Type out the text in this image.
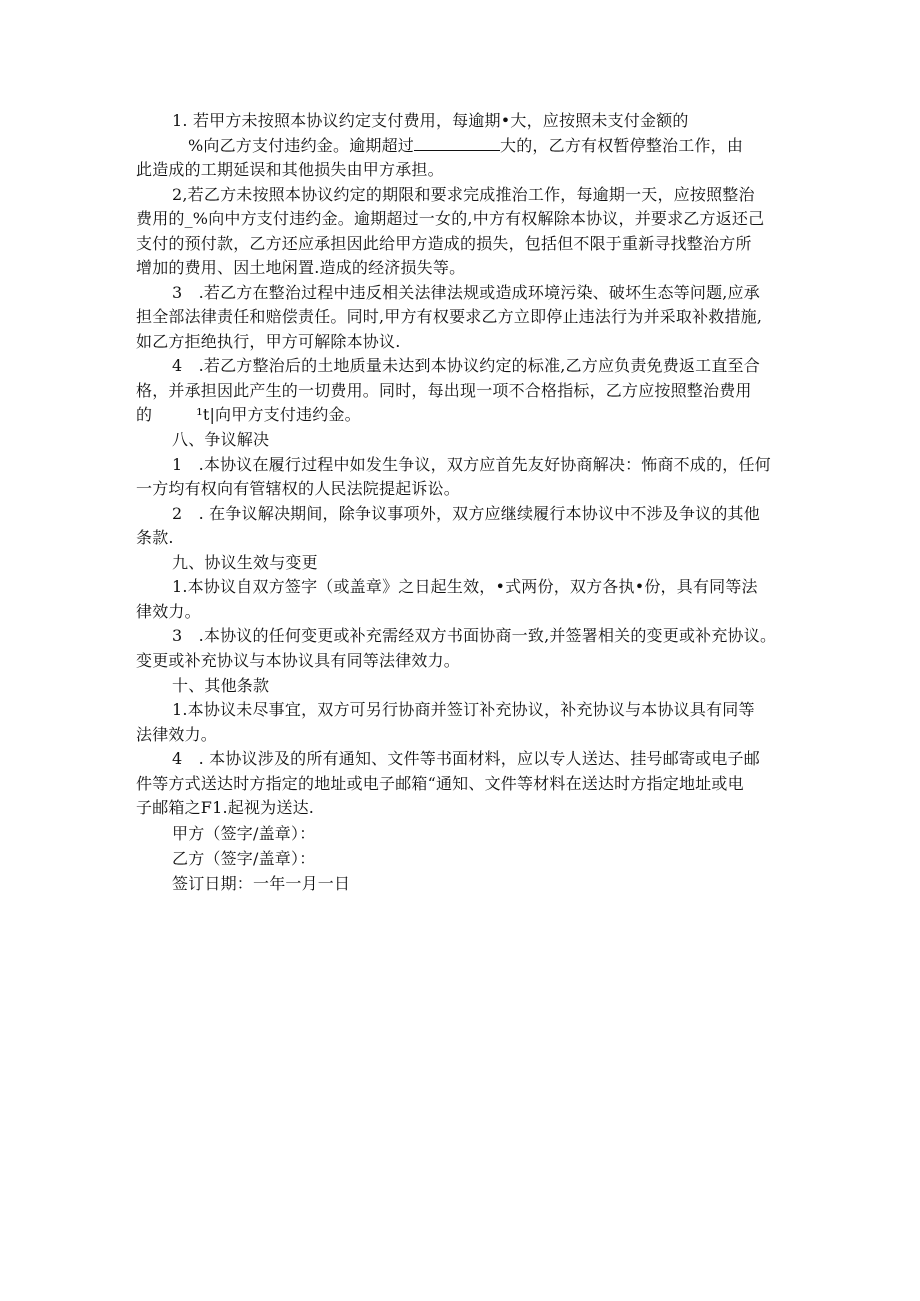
1. 若甲方未按照本协议约定支付费用，每逾期•大，应按照未支付金额的
%向乙方支付违约金。逾期超过	大的，乙方有权暂停整治工作，由
此造成的工期延误和其他损失由甲方承担。
2,若乙方未按照本协议约定的期限和要求完成推治工作，每逾期一天，应按照整治
费用的_%向中方支付违约金。逾期超过一女的,中方有权解除本协议，并要求乙方返还己
支付的预付款，乙方还应承担因此给甲方造成的损失，包括但不限于重新寻找整治方所
增加的费用、因土地闲置.造成的经济损失等。
3　.若乙方在整治过程中违反相关法律法规或造成环境污染、破坏生态等问题,应承
担全部法律责任和赔偿责任。同时,甲方有权要求乙方立即停止违法行为并采取补救措施,
如乙方拒绝执行，甲方可解除本协议.
4　.若乙方整治后的土地质量未达到本协议约定的标准,乙方应负责免费返工直至合
格，并承担因此产生的一切费用。同时，每出现一项不合格指标，乙方应按照整治费用
的	¹t|向甲方支付违约金。
八、争议解决
1　.本协议在履行过程中如发生争议，双方应首先友好协商解决：怖商不成的，任何
一方均有权向有管辖权的人民法院提起诉讼。
2　. 在争议解决期间，除争议事项外，双方应继续履行本协议中不涉及争议的其他
条款.
九、协议生效与变更
1.本协议自双方签字（或盖章》之日起生效，•式两份，双方各执•份，具有同等法
律效力。
3　.本协议的任何变更或补充需经双方书面协商一致,并签署相关的变更或补充协议。
变更或补充协议与本协议具有同等法律效力。
十、其他条款
1.本协议未尽事宜，双方可另行协商并签订补充协议，补充协议与本协议具有同等
法律效力。
4　. 本协议涉及的所有通知、文件等书面材料，应以专人送达、挂号邮寄或电子邮
件等方式送达时方指定的地址或电子邮箱“通知、文件等材料在送达时方指定地址或电
子邮箱之F1.起视为送达.
甲方（签字/盖章）：
乙方（签字/盖章）：
签订日期：一年一月一日
